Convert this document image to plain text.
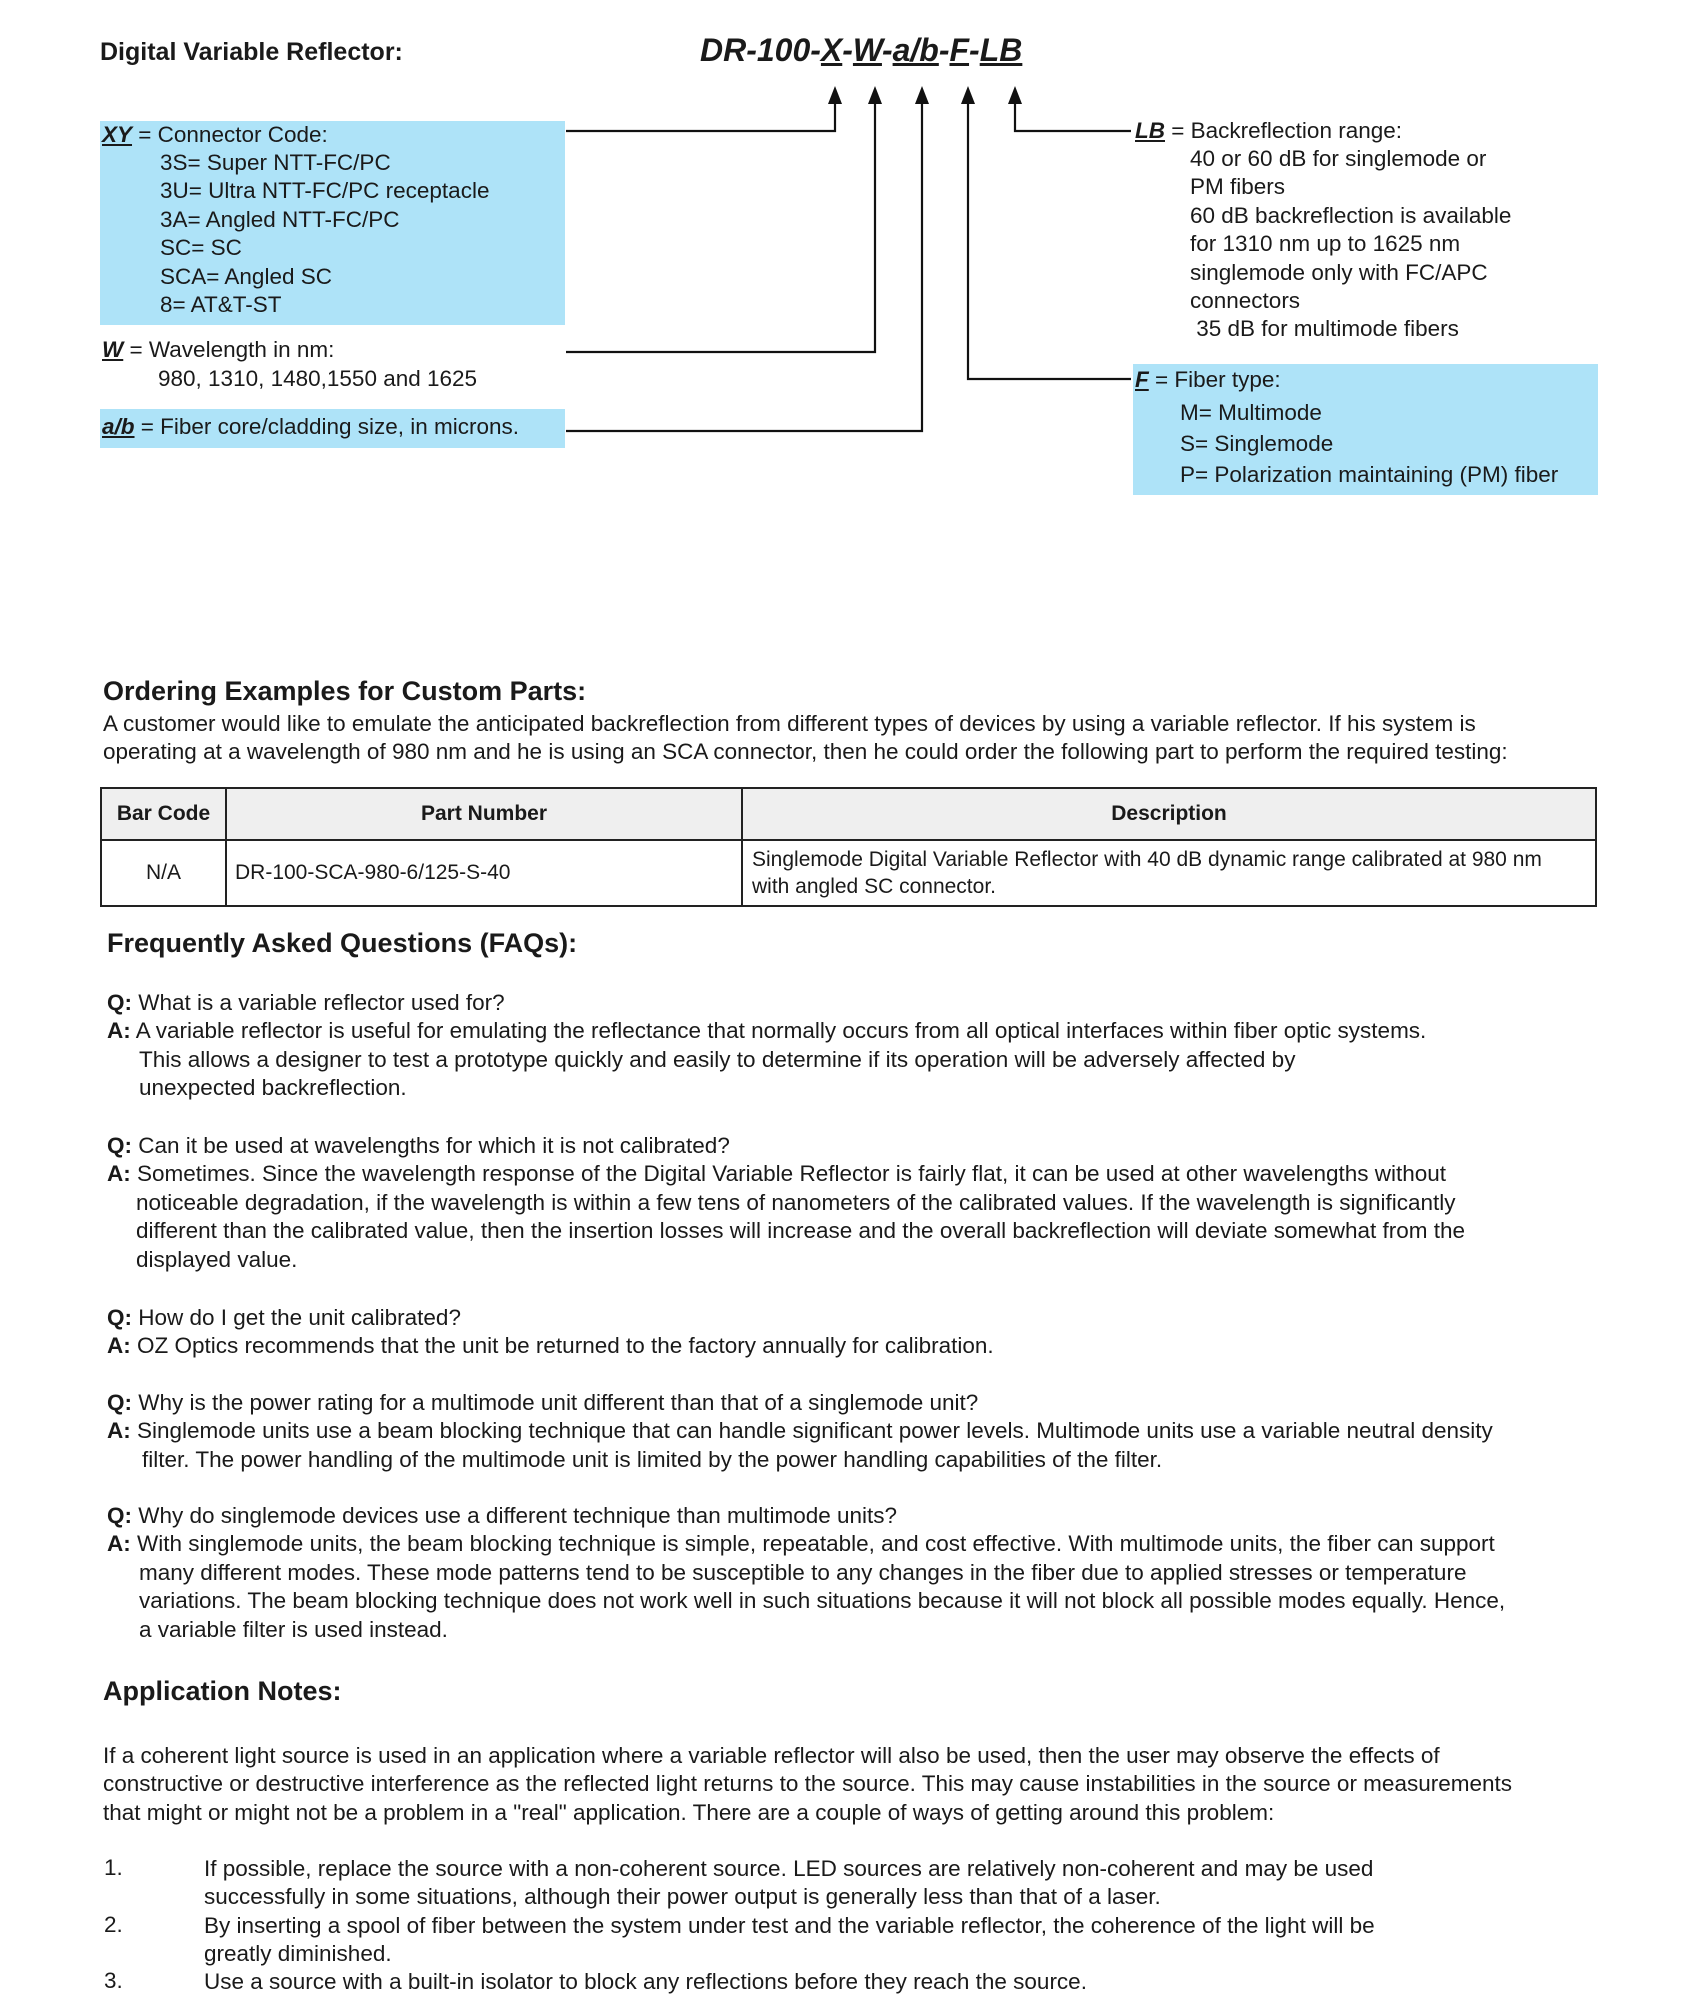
Digital Variable Reflector:	DR-100-X-W-a/b-F-LB
XY = Connector Code:
3S= Super NTT-FC/PC
3U= Ultra NTT-FC/PC receptacle
3A= Angled NTT-FC/PC
SC= SC
SCA= Angled SC
8= AT&T-ST
W = Wavelength in nm:
980, 1310, 1480,1550 and 1625
a/b = Fiber core/cladding size, in microns.
LB = Backreflection range:
40 or 60 dB for singlemode or
PM fibers
60 dB backreflection is available
for 1310 nm up to 1625 nm
singlemode only with FC/APC
connectors
35 dB for multimode fibers
F = Fiber type:
M= Multimode
S= Singlemode
P= Polarization maintaining (PM) fiber
Ordering Examples for Custom Parts:
A customer would like to emulate the anticipated backreflection from different types of devices by using a variable reflector. If his system is
operating at a wavelength of 980 nm and he is using an SCA connector, then he could order the following part to perform the required testing:
Bar Code	Part Number	Description
N/A	DR-100-SCA-980-6/125-S-40	Singlemode Digital Variable Reflector with 40 dB dynamic range calibrated at 980 nm
with angled SC connector.
Frequently Asked Questions (FAQs):
Q: What is a variable reflector used for?
A: A variable reflector is useful for emulating the reflectance that normally occurs from all optical interfaces within fiber optic systems.
This allows a designer to test a prototype quickly and easily to determine if its operation will be adversely affected by
unexpected backreflection.
Q: Can it be used at wavelengths for which it is not calibrated?
A: Sometimes. Since the wavelength response of the Digital Variable Reflector is fairly flat, it can be used at other wavelengths without
noticeable degradation, if the wavelength is within a few tens of nanometers of the calibrated values. If the wavelength is significantly
different than the calibrated value, then the insertion losses will increase and the overall backreflection will deviate somewhat from the
displayed value.
Q: How do I get the unit calibrated?
A: OZ Optics recommends that the unit be returned to the factory annually for calibration.
Q: Why is the power rating for a multimode unit different than that of a singlemode unit?
A: Singlemode units use a beam blocking technique that can handle significant power levels. Multimode units use a variable neutral density
filter. The power handling of the multimode unit is limited by the power handling capabilities of the filter.
Q: Why do singlemode devices use a different technique than multimode units?
A: With singlemode units, the beam blocking technique is simple, repeatable, and cost effective. With multimode units, the fiber can support
many different modes. These mode patterns tend to be susceptible to any changes in the fiber due to applied stresses or temperature
variations. The beam blocking technique does not work well in such situations because it will not block all possible modes equally. Hence,
a variable filter is used instead.
Application Notes:
If a coherent light source is used in an application where a variable reflector will also be used, then the user may observe the effects of
constructive or destructive interference as the reflected light returns to the source. This may cause instabilities in the source or measurements
that might or might not be a problem in a "real" application. There are a couple of ways of getting around this problem:
1.	If possible, replace the source with a non-coherent source. LED sources are relatively non-coherent and may be used
successfully in some situations, although their power output is generally less than that of a laser.
2.	By inserting a spool of fiber between the system under test and the variable reflector, the coherence of the light will be
greatly diminished.
3.	Use a source with a built-in isolator to block any reflections before they reach the source.
